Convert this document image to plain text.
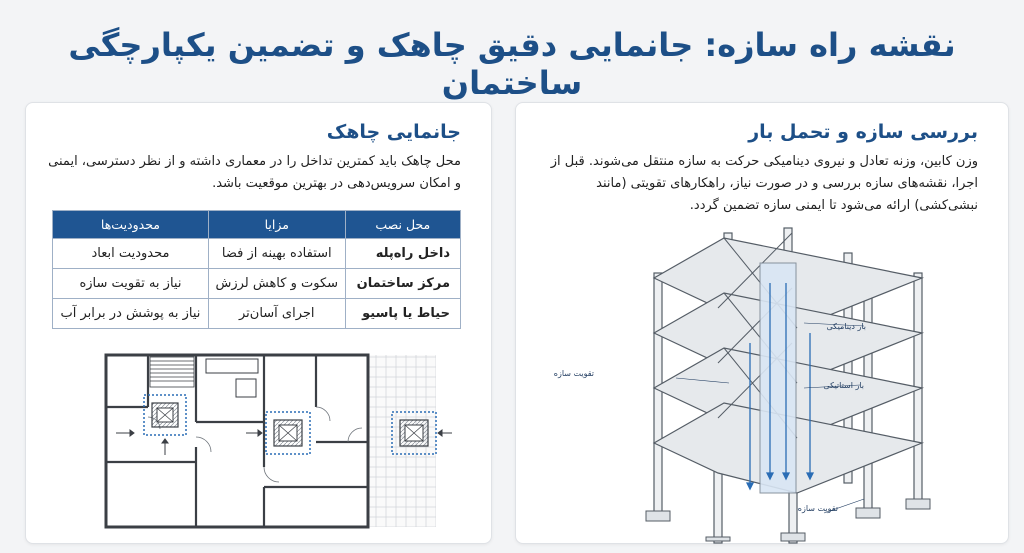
نقشه راه سازه: جانمایی دقیق چاهک و تضمین یکپارچگی ساختمان
جانمایی چاهک

محل چاهک باید کمترین تداخل را در معماری داشته و از نظر دسترسی، ایمنی و امکان سرویس‌دهی در بهترین موقعیت باشد.

محل نصب	مزایا	محدودیت‌ها
داخل راه‌پله	استفاده بهینه از فضا	محدودیت ابعاد
مرکز ساختمان	سکوت و کاهش لرزش	نیاز به تقویت سازه
حیاط یا پاسیو	اجرای آسان‌تر	نیاز به پوشش در برابر آب
بررسی سازه و تحمل بار

وزن کابین، وزنه تعادل و نیروی دینامیکی حرکت به سازه منتقل می‌شوند. قبل از اجرا، نقشه‌های سازه بررسی و در صورت نیاز، راهکارهای تقویتی (مانند نبشی‌کشی) ارائه می‌شود تا ایمنی سازه تضمین گردد.

بار دینامیکی
بار استاتیکی
تقویت سازه
تقویت سازه
